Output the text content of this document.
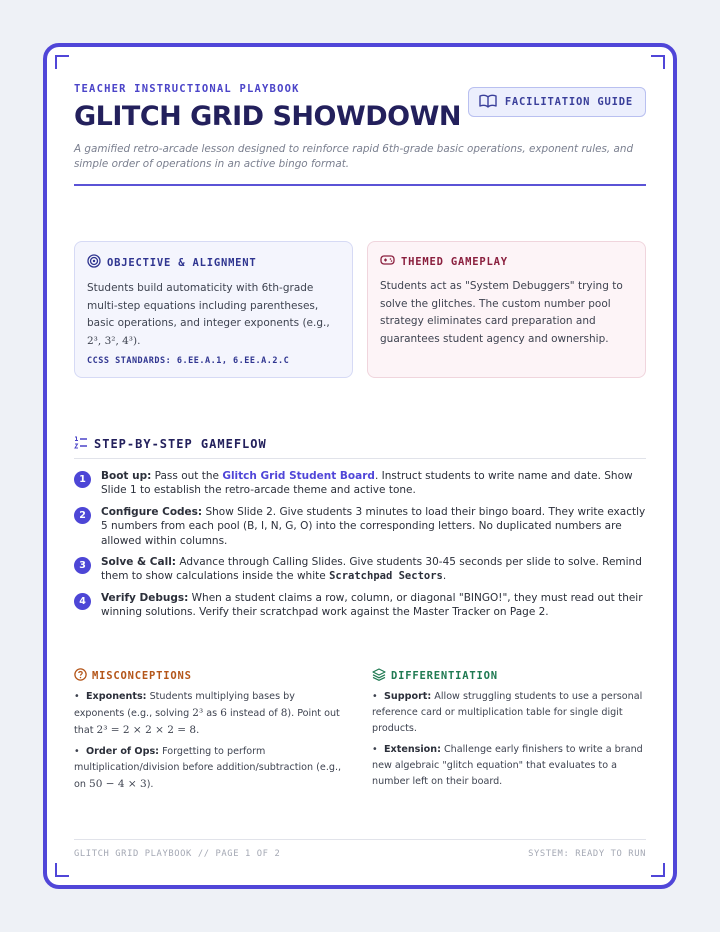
TEACHER INSTRUCTIONAL PLAYBOOK
GLITCH GRID SHOWDOWN	FACILITATION GUIDE
A gamified retro-arcade lesson designed to reinforce rapid 6th-grade basic operations, exponent rules, and simple order of operations in an active bingo format.
OBJECTIVE & ALIGNMENT
Students build automaticity with 6th-grade multi-step equations including parentheses, basic operations, and integer exponents (e.g.,
2³, 3², 4³).
CCSS STANDARDS: 6.EE.A.1, 6.EE.A.2.C
THEMED GAMEPLAY
Students act as "System Debuggers" trying to solve the glitches. The custom number pool strategy eliminates card preparation and guarantees student agency and ownership.
STEP-BY-STEP GAMEFLOW
1	Boot up: Pass out the Glitch Grid Student Board. Instruct students to write name and date. Show Slide 1 to establish the retro-arcade theme and active tone.
2	Configure Codes: Show Slide 2. Give students 3 minutes to load their bingo board. They write exactly 5 numbers from each pool (B, I, N, G, O) into the corresponding letters. No duplicated numbers are allowed within columns.
3	Solve & Call: Advance through Calling Slides. Give students 30-45 seconds per slide to solve. Remind them to show calculations inside the white Scratchpad Sectors.
4	Verify Debugs: When a student claims a row, column, or diagonal "BINGO!", they must read out their winning solutions. Verify their scratchpad work against the Master Tracker on Page 2.
MISCONCEPTIONS
• Exponents: Students multiplying bases by exponents (e.g., solving 2³ as 6 instead of 8). Point out that 2³ = 2 × 2 × 2 = 8.
• Order of Ops: Forgetting to perform multiplication/division before addition/subtraction (e.g., on 50 − 4 × 3).
DIFFERENTIATION
• Support: Allow struggling students to use a personal reference card or multiplication table for single digit products.
• Extension: Challenge early finishers to write a brand new algebraic "glitch equation" that evaluates to a number left on their board.
GLITCH GRID PLAYBOOK // PAGE 1 OF 2	SYSTEM: READY TO RUN
